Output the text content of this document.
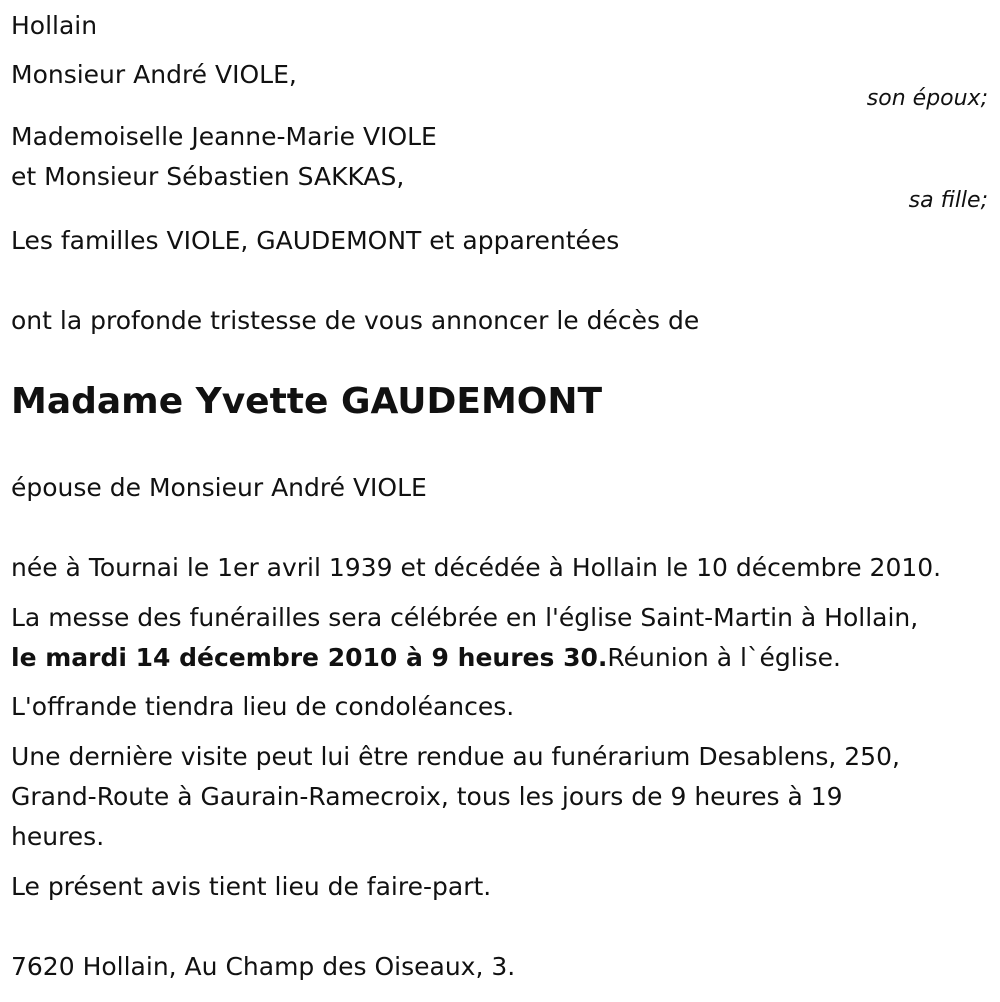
Hollain
Monsieur André VIOLE,
son époux;
Mademoiselle Jeanne-Marie VIOLE
et Monsieur Sébastien SAKKAS,
sa fille;
Les familles VIOLE, GAUDEMONT et apparentées
ont la profonde tristesse de vous annoncer le décès de
Madame Yvette GAUDEMONT
épouse de Monsieur André VIOLE
née à Tournai le 1er avril 1939 et décédée à Hollain le 10 décembre 2010.
La messe des funérailles sera célébrée en l'église Saint-Martin à Hollain,
le mardi 14 décembre 2010 à 9 heures 30.Réunion à l`église.
L'offrande tiendra lieu de condoléances.
Une dernière visite peut lui être rendue au funérarium Desablens, 250,
Grand-Route à Gaurain-Ramecroix, tous les jours de 9 heures à 19
heures.
Le présent avis tient lieu de faire-part.
7620 Hollain, Au Champ des Oiseaux, 3.
